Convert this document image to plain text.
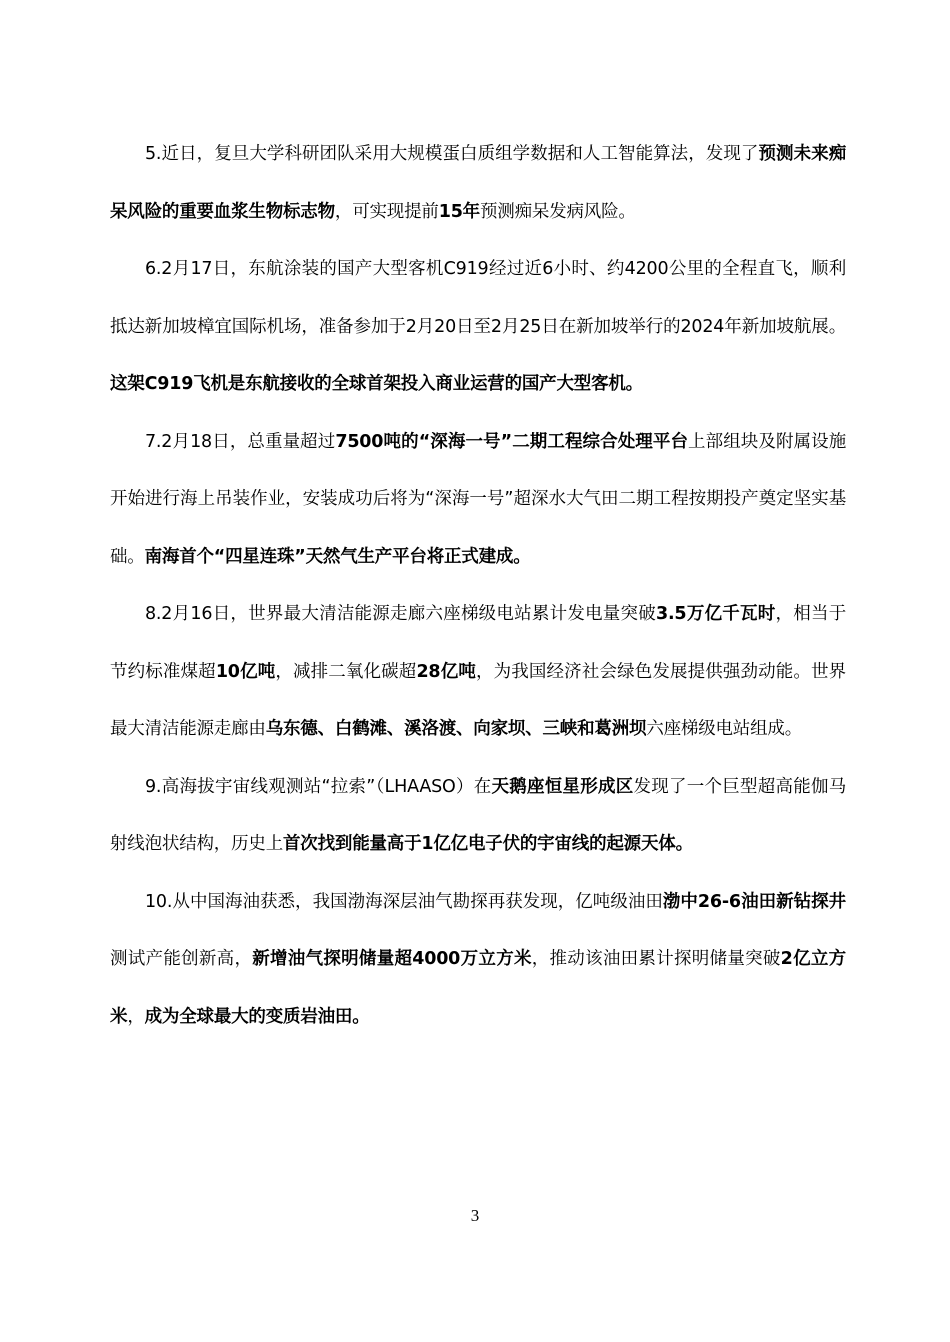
5.近日，复旦大学科研团队采用大规模蛋白质组学数据和人工智能算法，发现了预测未来痴呆风险的重要血浆生物标志物，可实现提前15年预测痴呆发病风险。

6.2月17日，东航涂装的国产大型客机C919经过近6小时、约4200公里的全程直飞，顺利抵达新加坡樟宜国际机场，准备参加于2月20日至2月25日在新加坡举行的2024年新加坡航展。这架C919飞机是东航接收的全球首架投入商业运营的国产大型客机。

7.2月18日，总重量超过7500吨的“深海一号”二期工程综合处理平台上部组块及附属设施开始进行海上吊装作业，安装成功后将为“深海一号”超深水大气田二期工程按期投产奠定坚实基础。南海首个“四星连珠”天然气生产平台将正式建成。

8.2月16日，世界最大清洁能源走廊六座梯级电站累计发电量突破3.5万亿千瓦时，相当于节约标准煤超10亿吨，减排二氧化碳超28亿吨，为我国经济社会绿色发展提供强劲动能。世界最大清洁能源走廊由乌东德、白鹤滩、溪洛渡、向家坝、三峡和葛洲坝六座梯级电站组成。

9.高海拔宇宙线观测站“拉索”（LHAASO）在天鹅座恒星形成区发现了一个巨型超高能伽马射线泡状结构，历史上首次找到能量高于1亿亿电子伏的宇宙线的起源天体。

10.从中国海油获悉，我国渤海深层油气勘探再获发现，亿吨级油田渤中26-6油田新钻探井测试产能创新高，新增油气探明储量超4000万立方米，推动该油田累计探明储量突破2亿立方米，成为全球最大的变质岩油田。

3
